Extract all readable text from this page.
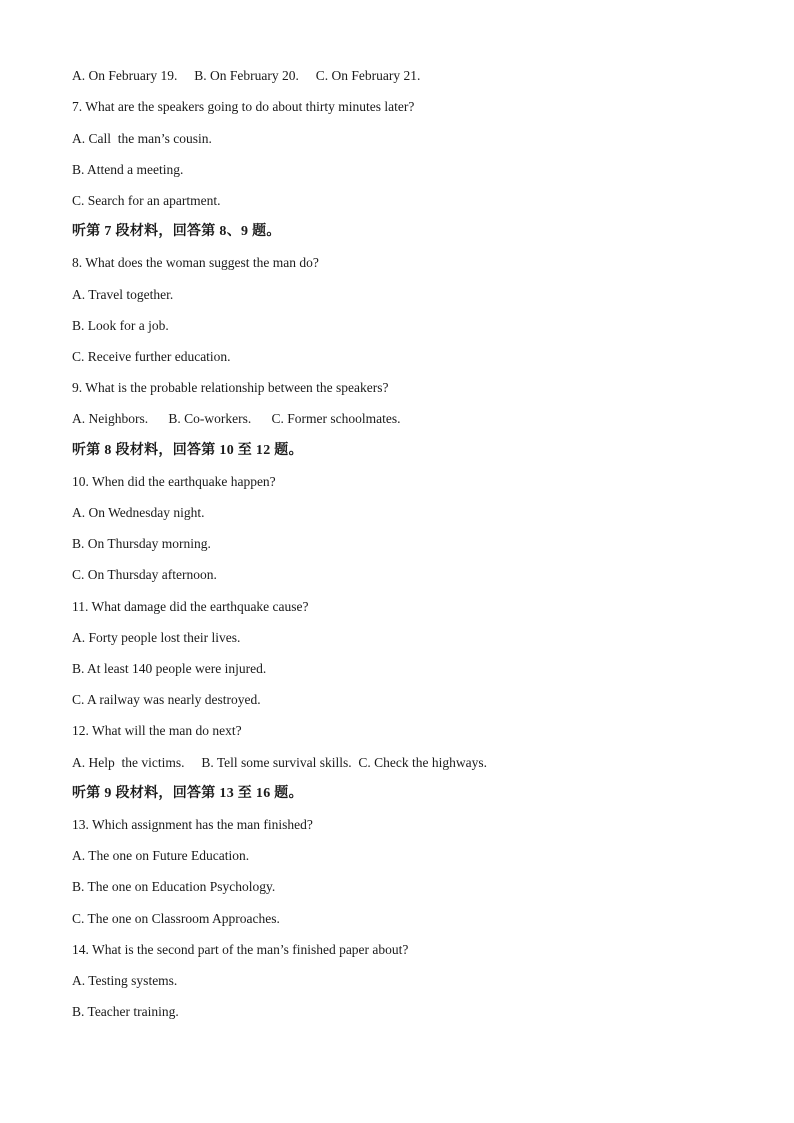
A. On February 19.     B. On February 20.     C. On February 21.
7. What are the speakers going to do about thirty minutes later?
A. Call  the man’s cousin.
B. Attend a meeting.
C. Search for an apartment.
听第 7 段材料，回答第 8、9 题。
8. What does the woman suggest the man do?
A. Travel together.
B. Look for a job.
C. Receive further education.
9. What is the probable relationship between the speakers?
A. Neighbors.      B. Co-workers.      C. Former schoolmates.
听第 8 段材料，回答第 10 至 12 题。
10. When did the earthquake happen?
A. On Wednesday night.
B. On Thursday morning.
C. On Thursday afternoon.
11. What damage did the earthquake cause?
A. Forty people lost their lives.
B. At least 140 people were injured.
C. A railway was nearly destroyed.
12. What will the man do next?
A. Help  the victims.     B. Tell some survival skills.  C. Check the highways.
听第 9 段材料，回答第 13 至 16 题。
13. Which assignment has the man finished?
A. The one on Future Education.
B. The one on Education Psychology.
C. The one on Classroom Approaches.
14. What is the second part of the man’s finished paper about?
A. Testing systems.
B. Teacher training.
